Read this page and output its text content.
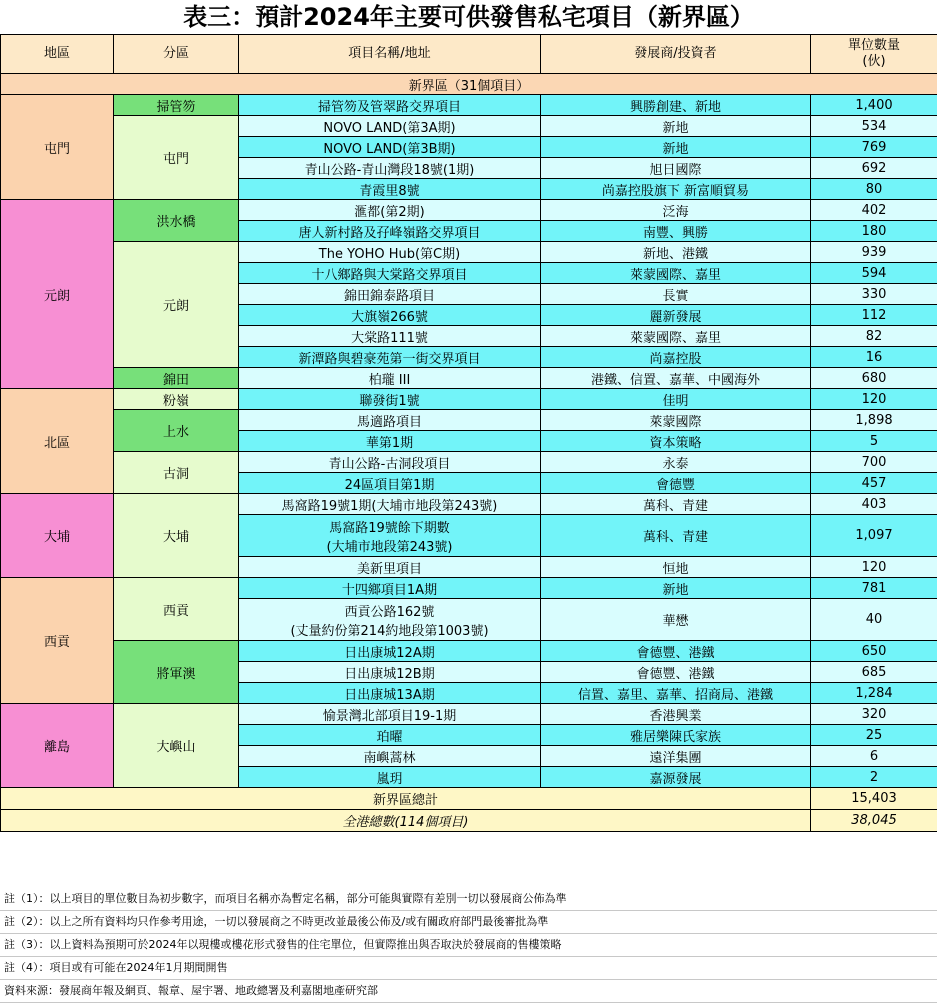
表三：預計2024年主要可供發售私宅項目（新界區）
地區	分區	項目名稱/地址	發展商/投資者	單位數量
(伙)
新界區（31個項目）				
屯門	掃管笏	掃管笏及管翠路交界項目	興勝創建、新地	1,400
	屯門	NOVO LAND(第3A期)	新地	534
		NOVO LAND(第3B期)	新地	769
		青山公路-青山灣段18號(1期)	旭日國際	692
		青霞里8號	尚嘉控股旗下 新富順貿易	80
元朗	洪水橋	滙都(第2期)	泛海	402
		唐人新村路及孖峰嶺路交界項目	南豐、興勝	180
	元朗	The YOHO Hub(第C期)	新地、港鐵	939
		十八鄉路與大棠路交界項目	萊蒙國際、嘉里	594
		錦田錦泰路項目	長實	330
		大旗嶺266號	麗新發展	112
		大棠路111號	萊蒙國際、嘉里	82
		新潭路與碧豪苑第一街交界項目	尚嘉控股	16
	錦田	柏瓏 III	港鐵、信置、嘉華、中國海外	680
北區	粉嶺	聯發街1號	佳明	120
	上水	馬適路項目	萊蒙國際	1,898
		華第1期	資本策略	5
	古洞	青山公路-古洞段項目	永泰	700
		24區項目第1期	會德豐	457
大埔	大埔	馬窩路19號1期(大埔市地段第243號)	萬科、青建	403
		馬窩路19號餘下期數
(大埔市地段第243號)	萬科、青建	1,097
		美新里項目	恒地	120
西貢	西貢	十四鄉項目1A期	新地	781
		西貢公路162號
(丈量約份第214約地段第1003號)	華懋	40
	將軍澳	日出康城12A期	會德豐、港鐵	650
		日出康城12B期	會德豐、港鐵	685
		日出康城13A期	信置、嘉里、嘉華、招商局、港鐵	1,284
離島	大嶼山	愉景灣北部項目19-1期	香港興業	320
		珀曜	雅居樂陳氏家族	25
		南嶼蒿林	遠洋集團	6
		嵐玥	嘉源發展	2
新界區總計				15,403
全港總數(114個項目)				38,045
註（1）：以上項目的單位數目為初步數字，而項目名稱亦為暫定名稱，部分可能與實際有差別一切以發展商公佈為準
註（2）：以上之所有資料均只作參考用途，一切以發展商之不時更改並最後公佈及/或有關政府部門最後審批為準
註（3）：以上資料為預期可於2024年以現樓或樓花形式發售的住宅單位，但實際推出與否取決於發展商的售樓策略
註（4）：項目或有可能在2024年1月期間開售
資料來源：發展商年報及網頁、報章、屋宇署、地政總署及利嘉閣地產研究部
